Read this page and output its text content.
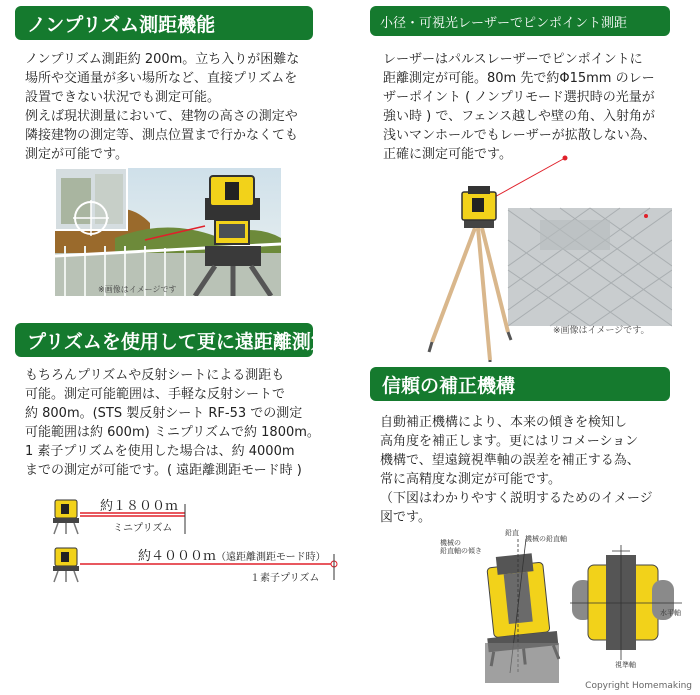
ノンプリズム測距機能

ノンプリズム測距約 200m。立ち入りが困難な

場所や交通量が多い場所など、直接プリズムを

設置できない状況でも測定可能。

例えば現状測量において、建物の高さの測定や

隣接建物の測定等、測点位置まで行かなくても

測定が可能です。

※画像はイメージです
小径・可視光レーザーでピンポイント測距

レーザーはパルスレーザーでピンポイントに

距離測定が可能。80m 先で約Φ15mm のレー

ザーポイント ( ノンプリモード選択時の光量が

強い時 ) で、フェンス越しや壁の角、入射角が

浅いマンホールでもレーザーが拡散しない為、

正確に測定可能です。

※画像はイメージです。
プリズムを使用して更に遠距離測定

もちろんプリズムや反射シートによる測距も

可能。測定可能範囲は、手軽な反射シートで

約 800m。(STS 製反射シート RF-53 での測定

可能範囲は約 600m) ミニプリズムで約 1800m。

1 素子プリズムを使用した場合は、約 4000m

までの測定が可能です。( 遠距離測距モード時 )

約１８００ｍ
ミニプリズム
約４０００ｍ（遠距離測距モード時）
１素子プリズム
信頼の補正機構

自動補正機構により、本来の傾きを検知し

高角度を補正します。更にはリコメーション

機構で、望遠鏡視準軸の誤差を補正する為、

常に高精度な測定が可能です。

（下図はわかりやすく説明するためのイメージ

図です。

鉛直
機械の鉛直軸
機械の
鉛直軸の傾き
水平軸
視準軸
Copyright Homemaking
